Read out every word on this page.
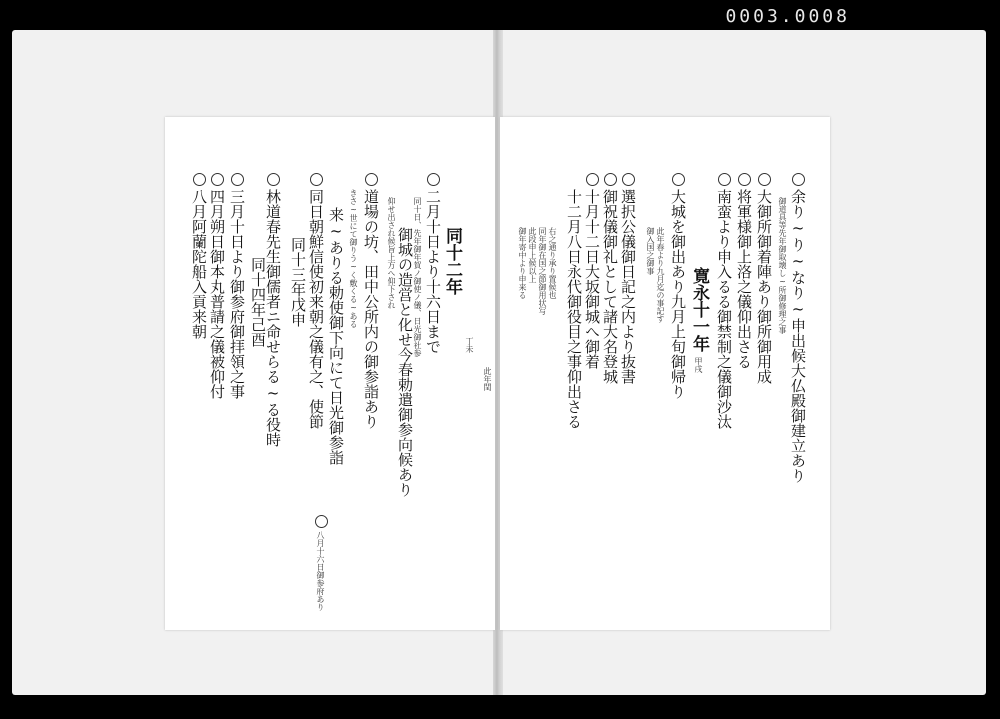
0003.0008
同十二年
丁未
此年閏
二月十日より十六日まで
御城の造営と化せ今春勅遣御参向候あり 同十日、先年御年賀ノ御使ノ儀、日光御社参
仰せ出され候旨上方へ仰下され
道場の坊、田中公所内の御参詣あり
きさ~世にて御りう~く敷くる~ある
来~ありる勅使御下向にて日光御参詣
同日朝鮮信使初来朝之儀有之、使節
同十三年戊申
林道春先生御儒者ニ命せらる~る役時
同十四年己酉
三月十日より御参府御拝領之事
四月朔日御本丸普請之儀被仰付
八月阿蘭陀船入貢来朝
八月十六日御参府あり
余り~り~なり~申出候大仏殿御建立あり
御道具等先年御取壊し~所御修理之事
大御所御着陣あり御所御用成
将軍様御上洛之儀仰出さる
南蛮より申入るる御禁制之儀御沙汰
寛永十一年
甲戌
大城を御出あり九月上旬御帰り
此年春より九月迄の事記す
御入国之御事
選択公儀御日記之内より抜書
御祝儀御礼として諸大名登城
十月十二日大坂御城へ御着
十二月八日永代御役目之事仰出さる
右之通り承り置候也
同年御在国之節御用状写
此段申上候以上
御年寄中より申来る
